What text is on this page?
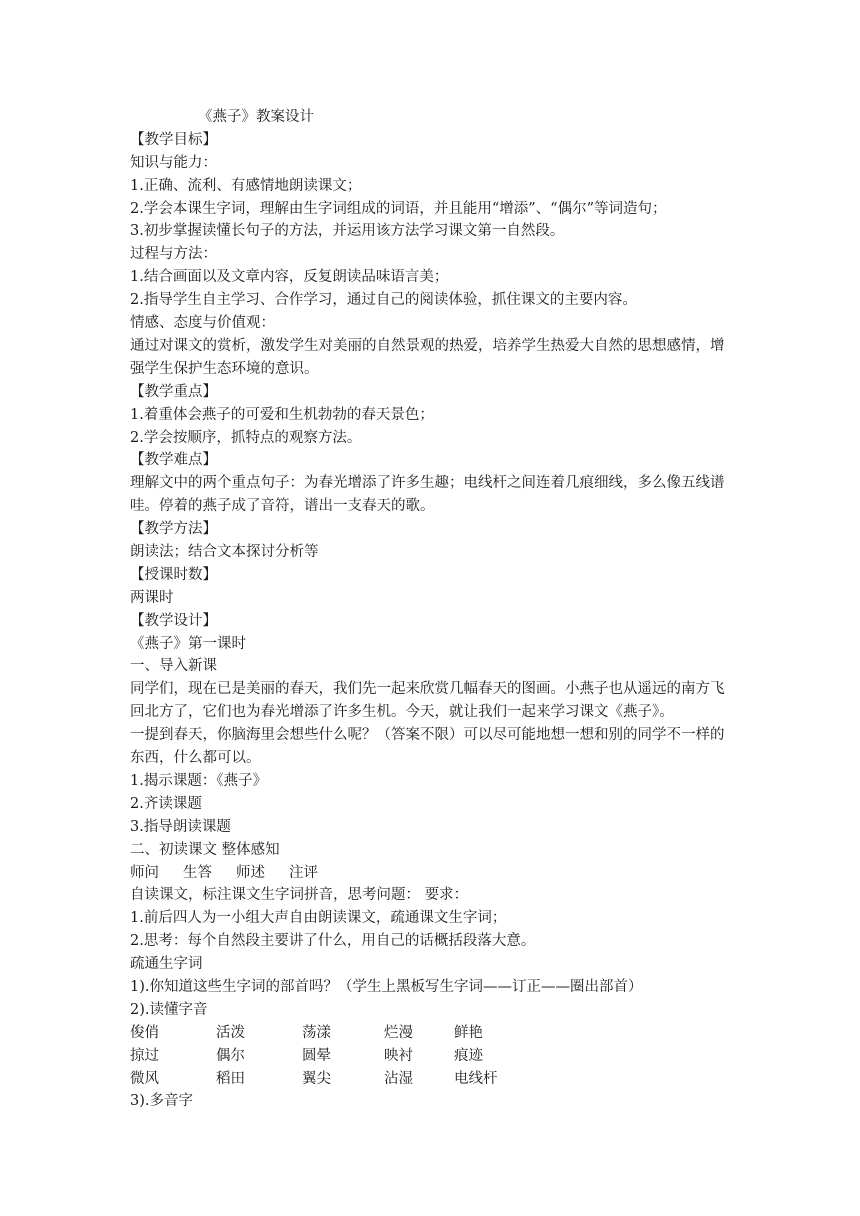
《燕子》教案设计
【教学目标】
知识与能力：
1.正确、流利、有感情地朗读课文；
2.学会本课生字词，理解由生字词组成的词语，并且能用“增添”、“偶尔”等词造句；
3.初步掌握读懂长句子的方法，并运用该方法学习课文第一自然段。
过程与方法：
1.结合画面以及文章内容，反复朗读品味语言美；
2.指导学生自主学习、合作学习，通过自己的阅读体验，抓住课文的主要内容。
情感、态度与价值观：
通过对课文的赏析，激发学生对美丽的自然景观的热爱，培养学生热爱大自然的思想感情，增强学生保护生态环境的意识。
【教学重点】
1.着重体会燕子的可爱和生机勃勃的春天景色；
2.学会按顺序，抓特点的观察方法。
【教学难点】
理解文中的两个重点句子：为春光增添了许多生趣；电线杆之间连着几痕细线，多么像五线谱哇。停着的燕子成了音符，谱出一支春天的歌。
【教学方法】
朗读法；结合文本探讨分析等
【授课时数】
两课时
【教学设计】
《燕子》第一课时
一、导入新课
同学们，现在已是美丽的春天，我们先一起来欣赏几幅春天的图画。小燕子也从遥远的南方飞回北方了，它们也为春光增添了许多生机。今天，就让我们一起来学习课文《燕子》。
一提到春天，你脑海里会想些什么呢？（答案不限）可以尽可能地想一想和别的同学不一样的东西，什么都可以。
1.揭示课题：《燕子》
2.齐读课题
3.指导朗读课题
二、初读课文 整体感知
师问 生答 师述 注评
自读课文，标注课文生字词拼音，思考问题： 要求：
1.前后四人为一小组大声自由朗读课文，疏通课文生字词；
2.思考：每个自然段主要讲了什么，用自己的话概括段落大意。
疏通生字词
1).你知道这些生字词的部首吗？（学生上黑板写生字词——订正——圈出部首）
2).读懂字音
俊俏	活泼	荡漾	烂漫	鲜艳
掠过	偶尔	圆晕	映衬	痕迹
微风	稻田	翼尖	沾湿	电线杆
3).多音字
